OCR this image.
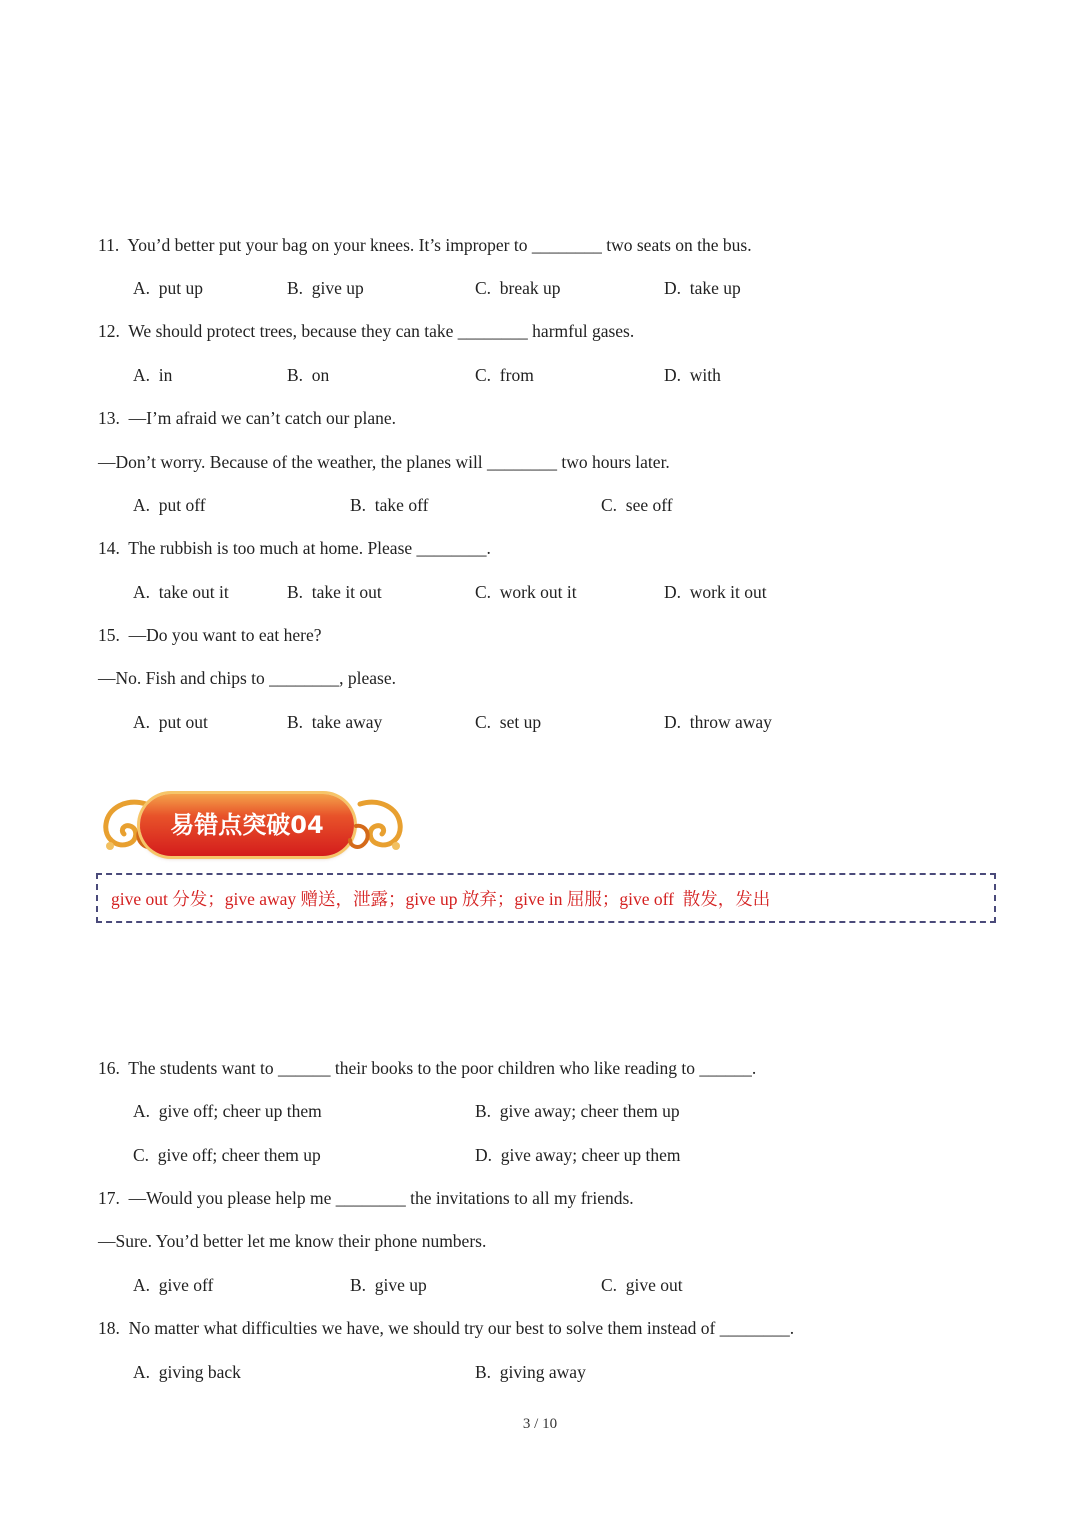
11.  You’d better put your bag on your knees. It’s improper to ________ two seats on the bus.
A.  put up	B.  give up	C.  break up	D.  take up
12.  We should protect trees, because they can take ________ harmful gases.
A.  in	B.  on	C.  from	D.  with
13.  —I’m afraid we can’t catch our plane.
—Don’t worry. Because of the weather, the planes will ________ two hours later.
A.  put off	B.  take off	C.  see off
14.  The rubbish is too much at home. Please ________.
A.  take out it	B.  take it out	C.  work out it	D.  work it out
15.  —Do you want to eat here?
—No. Fish and chips to ________, please.
A.  put out	B.  take away	C.  set up	D.  throw away
易错点突破04
give out 分发；give away 赠送，泄露；give up 放弃；give in 屈服；give off  散发，发出
16.  The students want to ______ their books to the poor children who like reading to ______.
A.  give off; cheer up them	B.  give away; cheer them up
C.  give off; cheer them up	D.  give away; cheer up them
17.  —Would you please help me ________ the invitations to all my friends.
—Sure. You’d better let me know their phone numbers.
A.  give off	B.  give up	C.  give out
18.  No matter what difficulties we have, we should try our best to solve them instead of ________.
A.  giving back	B.  giving away
3 / 10
